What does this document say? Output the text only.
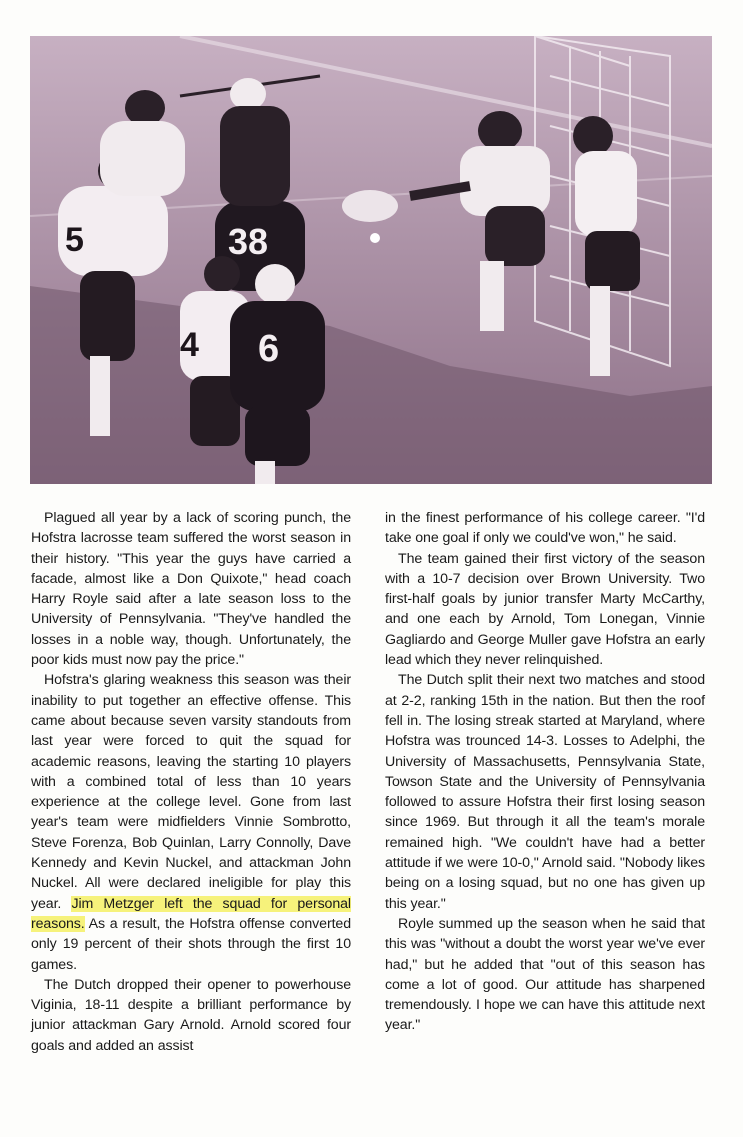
5	38
4 6

Plagued all year by a lack of scoring punch, the Hofstra lacrosse team suffered the worst season in their history. "This year the guys have carried a facade, almost like a Don Quixote," head coach Harry Royle said after a late season loss to the University of Pennsylvania. "They've handled the losses in a noble way, though. Unfortunately, the poor kids must now pay the price."

Hofstra's glaring weakness this season was their inability to put together an effective offense. This came about because seven varsity standouts from last year were forced to quit the squad for academic reasons, leaving the starting 10 players with a combined total of less than 10 years experience at the college level. Gone from last year's team were midfielders Vinnie Sombrotto, Steve Forenza, Bob Quinlan, Larry Connolly, Dave Kennedy and Kevin Nuckel, and attackman John Nuckel. All were declared ineligible for play this year. Jim Metzger left the squad for personal reasons. As a result, the Hofstra offense converted only 19 percent of their shots through the first 10 games.

The Dutch dropped their opener to powerhouse Viginia, 18-11 despite a brilliant performance by junior attackman Gary Arnold. Arnold scored four goals and added an assist

in the finest performance of his college career. "I'd take one goal if only we could've won," he said.

The team gained their first victory of the season with a 10-7 decision over Brown University. Two first-half goals by junior transfer Marty McCarthy, and one each by Arnold, Tom Lonegan, Vinnie Gagliardo and George Muller gave Hofstra an early lead which they never relinquished.

The Dutch split their next two matches and stood at 2-2, ranking 15th in the nation. But then the roof fell in. The losing streak started at Maryland, where Hofstra was trounced 14-3. Losses to Adelphi, the University of Massachusetts, Pennsylvania State, Towson State and the University of Pennsylvania followed to assure Hofstra their first losing season since 1969. But through it all the team's morale remained high. "We couldn't have had a better attitude if we were 10-0," Arnold said. "Nobody likes being on a losing squad, but no one has given up this year."

Royle summed up the season when he said that this was "without a doubt the worst year we've ever had," but he added that "out of this season has come a lot of good. Our attitude has sharpened tremendously. I hope we can have this attitude next year."
